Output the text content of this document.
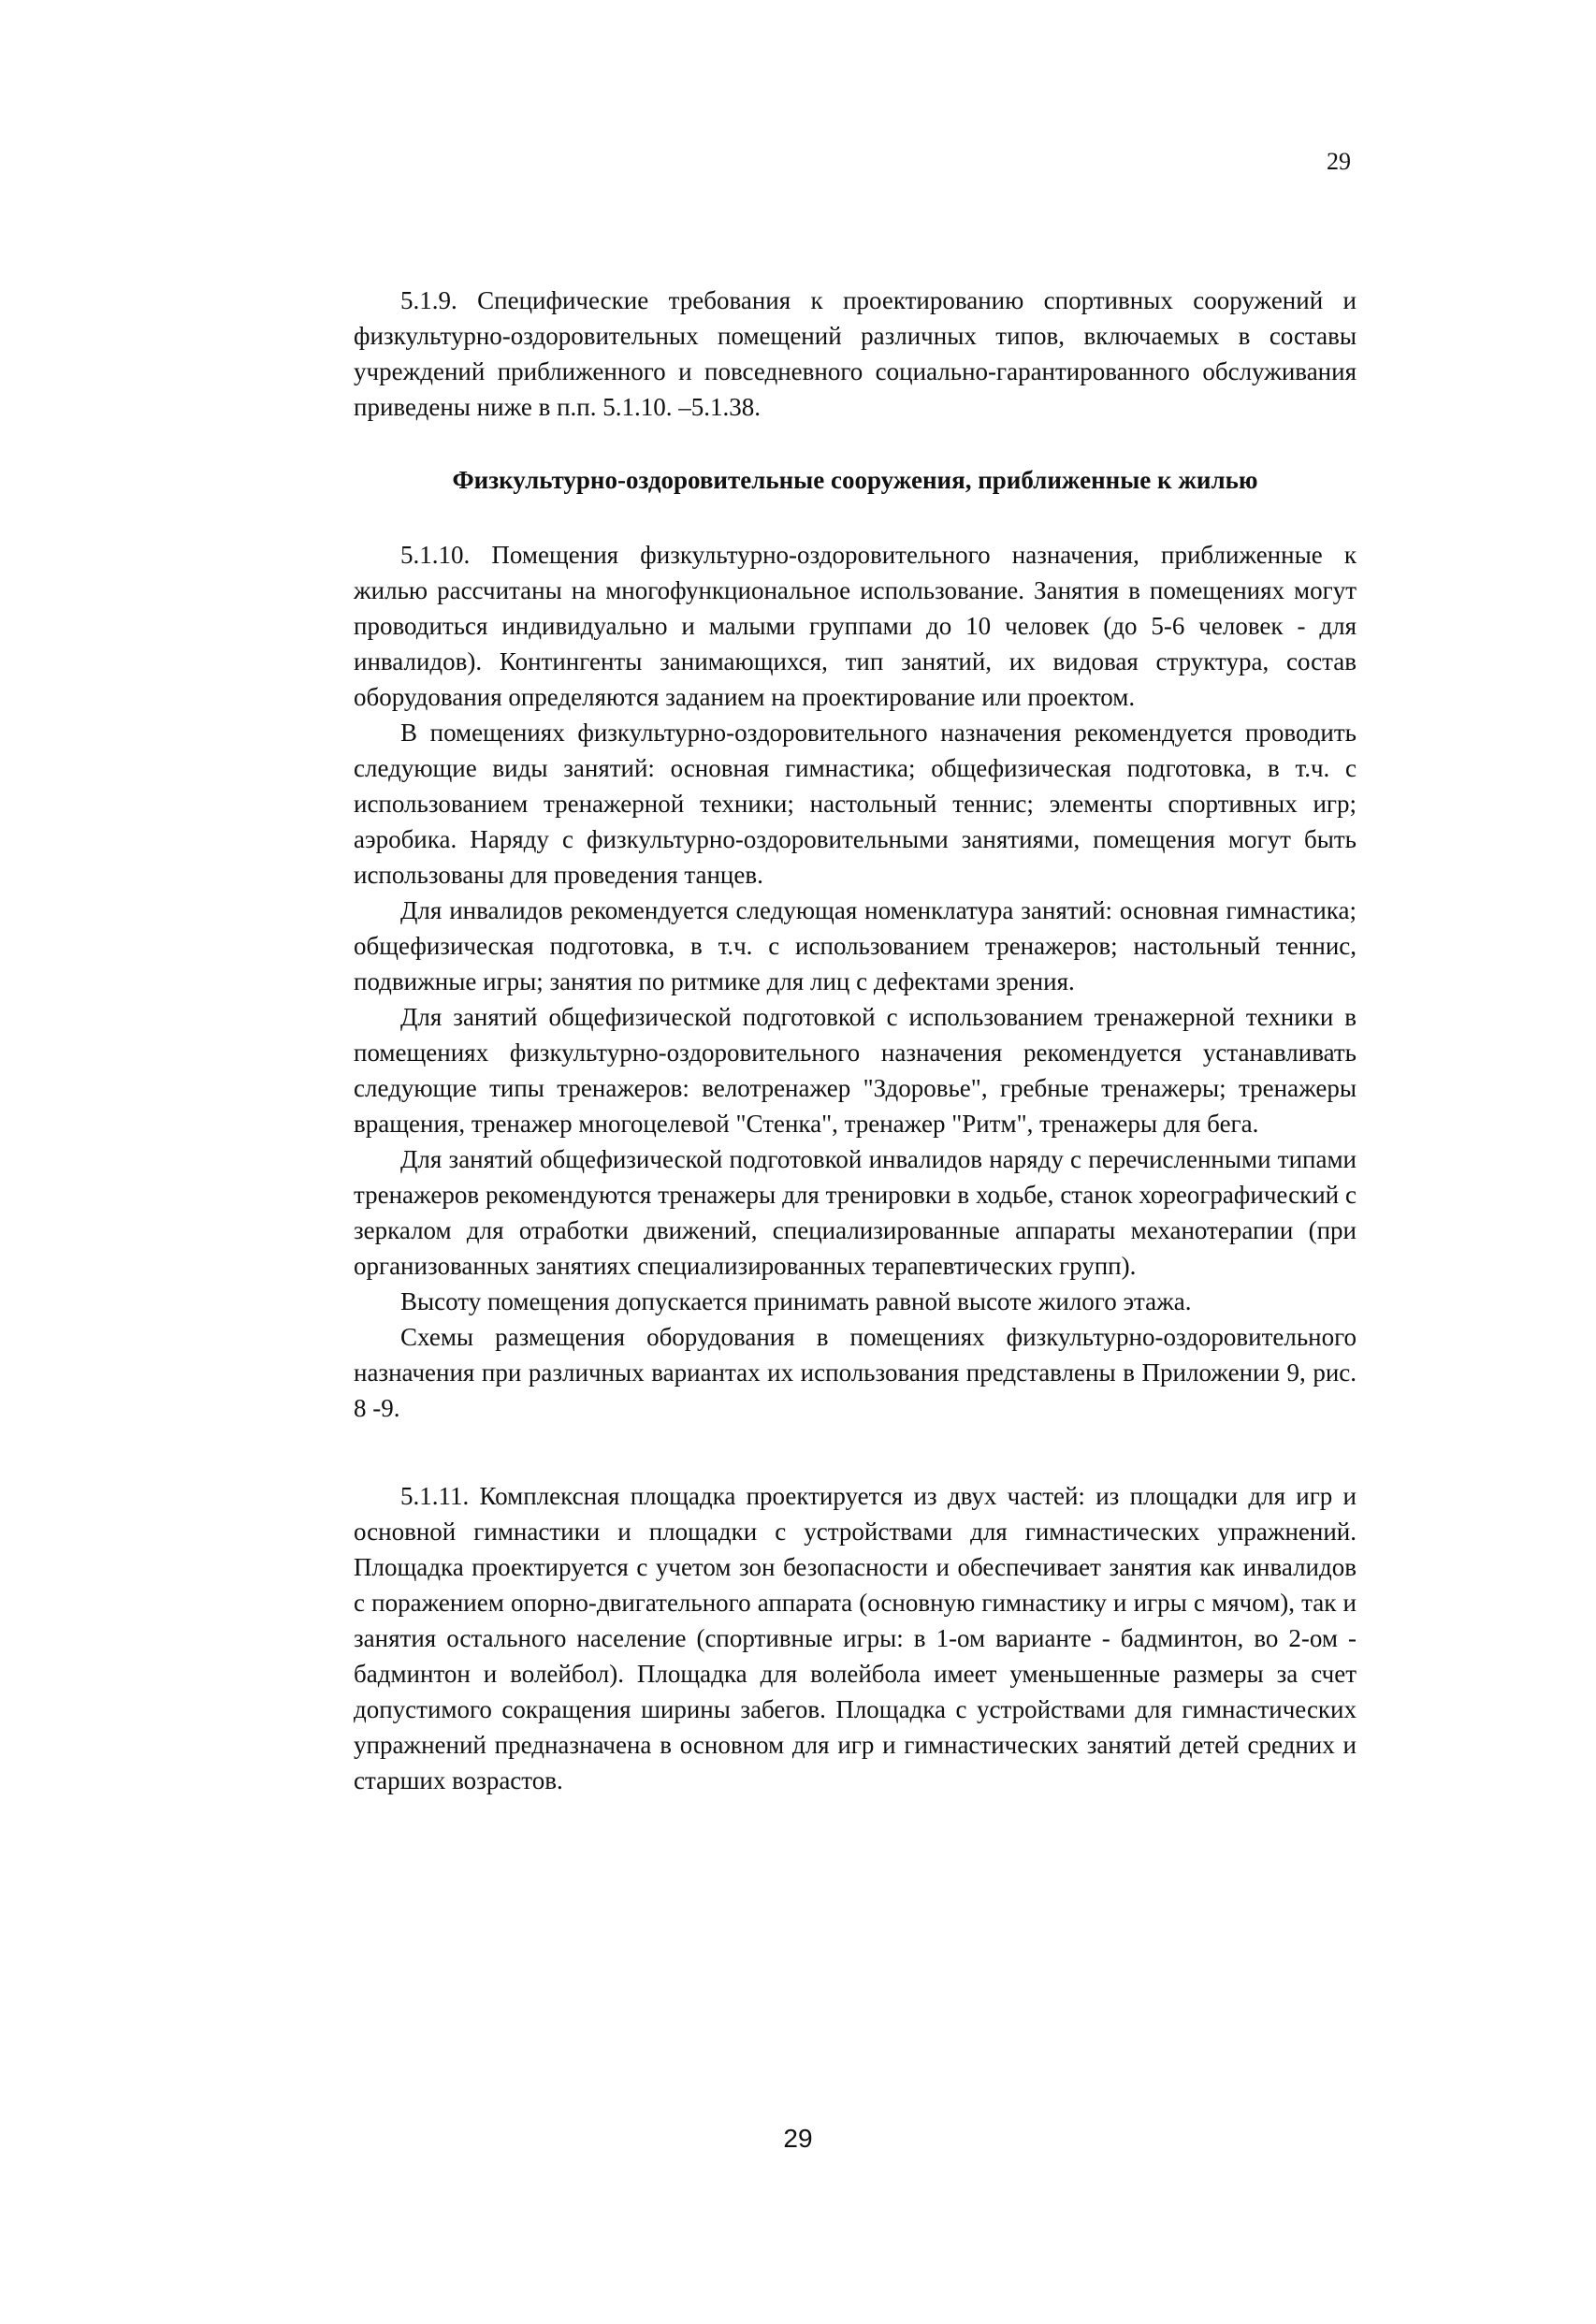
29

5.1.9. Специфические требования к проектированию спортивных сооружений и физкультурно-оздоровительных помещений различных типов, включаемых в составы учреждений приближенного и повседневного социально-гарантированного обслуживания приведены ниже в п.п. 5.1.10. –5.1.38.

Физкультурно-оздоровительные сооружения, приближенные к жилью

5.1.10. Помещения физкультурно-оздоровительного назначения, приближенные к жилью рассчитаны на многофункциональное использование. Занятия в помещениях могут проводиться индивидуально и малыми группами до 10 человек (до 5-6 человек - для инвалидов). Контингенты занимающихся, тип занятий, их видовая структура, состав оборудования определяются заданием на проектирование или проектом.

В помещениях физкультурно-оздоровительного назначения рекомендуется проводить следующие виды занятий: основная гимнастика; общефизическая подготовка, в т.ч. с использованием тренажерной техники; настольный теннис; элементы спортивных игр; аэробика. Наряду с физкультурно-оздоровительными занятиями, помещения могут быть использованы для проведения танцев.

Для инвалидов рекомендуется следующая номенклатура занятий: основная гимнастика; общефизическая подготовка, в т.ч. с использованием тренажеров; настольный теннис, подвижные игры; занятия по ритмике для лиц с дефектами зрения.

Для занятий общефизической подготовкой с использованием тренажерной техники в помещениях физкультурно-оздоровительного назначения рекомендуется устанавливать следующие типы тренажеров: велотренажер "Здоровье", гребные тренажеры; тренажеры вращения, тренажер многоцелевой "Стенка", тренажер "Ритм", тренажеры для бега.

Для занятий общефизической подготовкой инвалидов наряду с перечисленными типами тренажеров рекомендуются тренажеры для тренировки в ходьбе, станок хореографический с зеркалом для отработки движений, специализированные аппараты механотерапии (при организованных занятиях специализированных терапевтических групп).

Высоту помещения допускается принимать равной высоте жилого этажа.

Схемы размещения оборудования в помещениях физкультурно-оздоровительного назначения при различных вариантах их использования представлены в Приложении 9, рис. 8 -9.

5.1.11. Комплексная площадка проектируется из двух частей: из площадки для игр и основной гимнастики и площадки с устройствами для гимнастических упражнений. Площадка проектируется с учетом зон безопасности и обеспечивает занятия как инвалидов с поражением опорно-двигательного аппарата (основную гимнастику и игры с мячом), так и занятия остального население (спортивные игры: в 1-ом варианте - бадминтон, во 2-ом - бадминтон и волейбол). Площадка для волейбола имеет уменьшенные размеры за счет допустимого сокращения ширины забегов. Площадка с устройствами для гимнастических упражнений предназначена в основном для игр и гимнастических занятий детей средних и старших возрастов.

29
